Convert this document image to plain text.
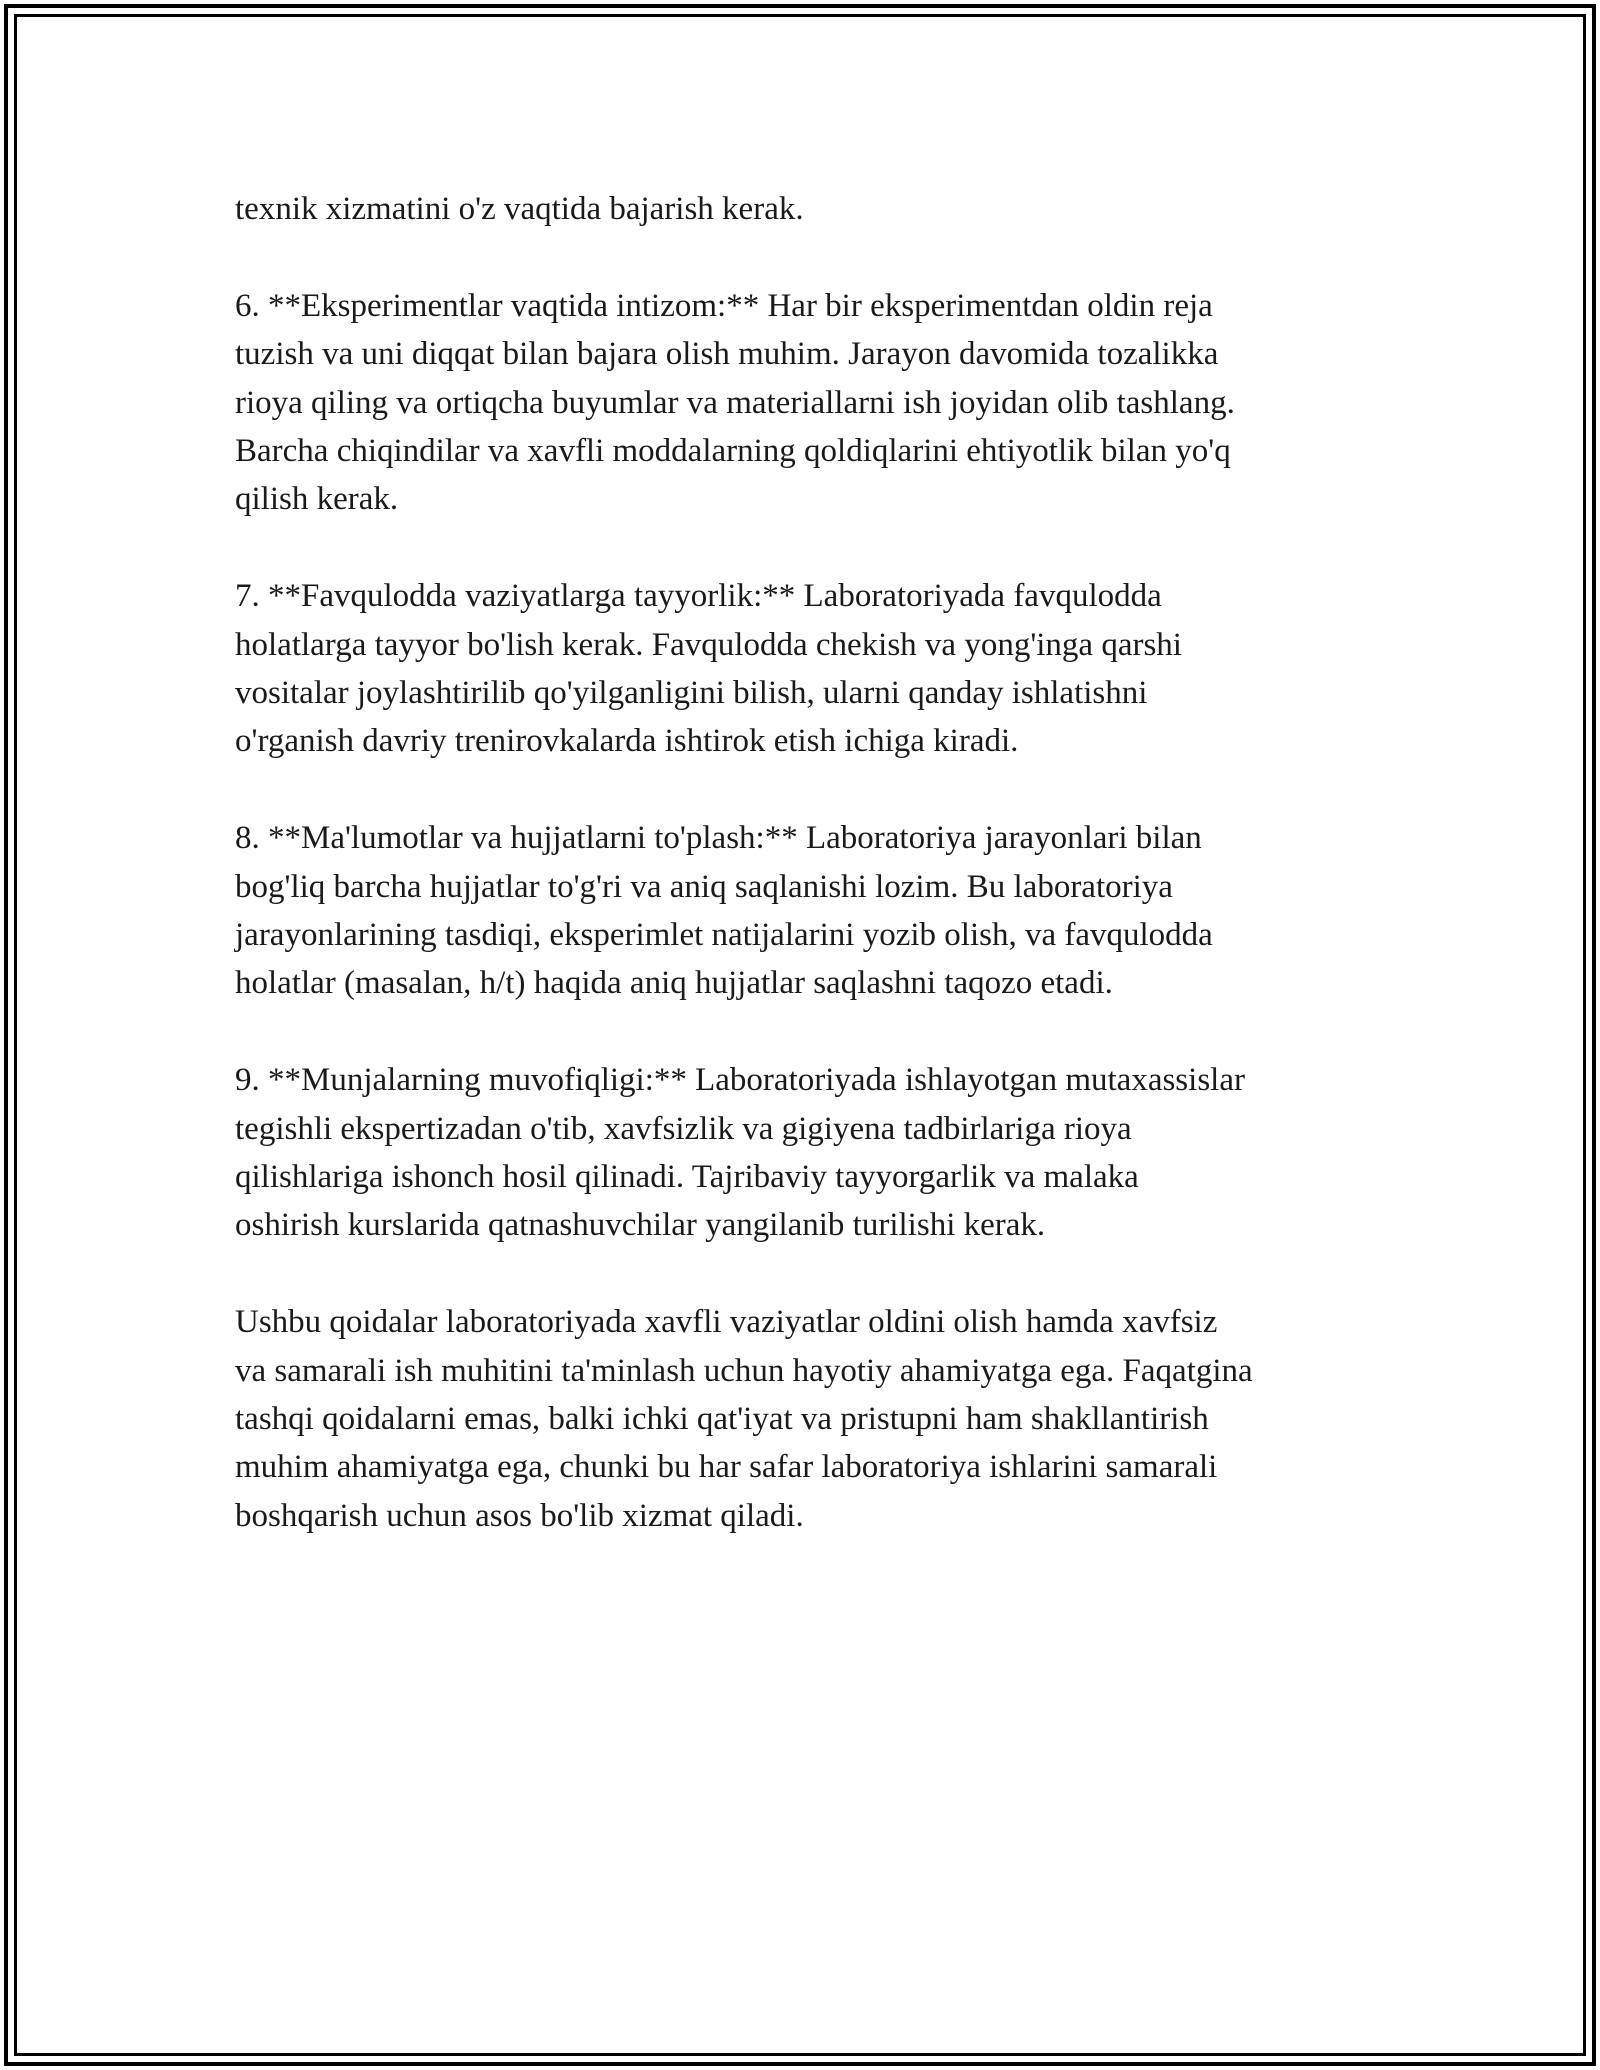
texnik xizmatini o'z vaqtida bajarish kerak.

6. **Eksperimentlar vaqtida intizom:** Har bir eksperimentdan oldin reja
tuzish va uni diqqat bilan bajara olish muhim. Jarayon davomida tozalikka
rioya qiling va ortiqcha buyumlar va materiallarni ish joyidan olib tashlang.
Barcha chiqindilar va xavfli moddalarning qoldiqlarini ehtiyotlik bilan yo'q
qilish kerak.

7. **Favqulodda vaziyatlarga tayyorlik:** Laboratoriyada favqulodda
holatlarga tayyor bo'lish kerak. Favqulodda chekish va yong'inga qarshi
vositalar joylashtirilib qo'yilganligini bilish, ularni qanday ishlatishni
o'rganish davriy trenirovkalarda ishtirok etish ichiga kiradi.

8. **Ma'lumotlar va hujjatlarni to'plash:** Laboratoriya jarayonlari bilan
bog'liq barcha hujjatlar to'g'ri va aniq saqlanishi lozim. Bu laboratoriya
jarayonlarining tasdiqi, eksperimlet natijalarini yozib olish, va favqulodda
holatlar (masalan, h/t) haqida aniq hujjatlar saqlashni taqozo etadi.

9. **Munjalarning muvofiqligi:** Laboratoriyada ishlayotgan mutaxassislar
tegishli ekspertizadan o'tib, xavfsizlik va gigiyena tadbirlariga rioya
qilishlariga ishonch hosil qilinadi. Tajribaviy tayyorgarlik va malaka
oshirish kurslarida qatnashuvchilar yangilanib turilishi kerak.

Ushbu qoidalar laboratoriyada xavfli vaziyatlar oldini olish hamda xavfsiz
va samarali ish muhitini ta'minlash uchun hayotiy ahamiyatga ega. Faqatgina
tashqi qoidalarni emas, balki ichki qat'iyat va pristupni ham shakllantirish
muhim ahamiyatga ega, chunki bu har safar laboratoriya ishlarini samarali
boshqarish uchun asos bo'lib xizmat qiladi.
